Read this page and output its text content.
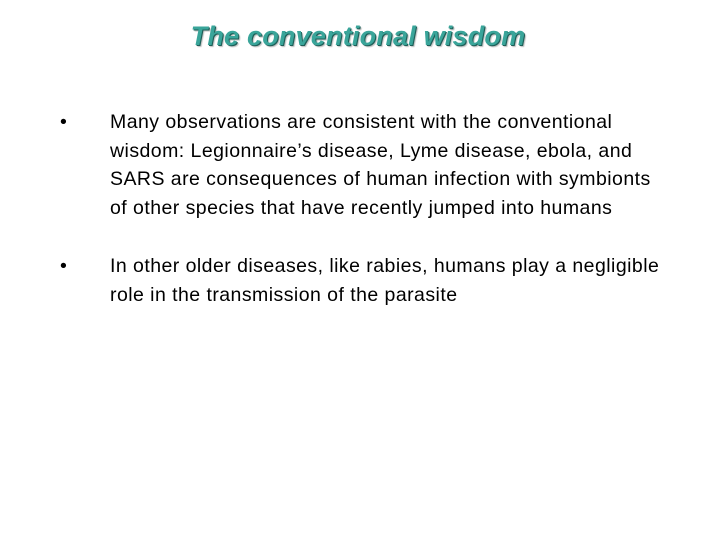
The conventional wisdom
• Many observations are consistent with the conventional wisdom: Legionnaire’s disease, Lyme disease, ebola, and SARS are consequences of human infection with symbionts of other species that have recently jumped into humans
• In other older diseases, like rabies, humans play a negligible role in the transmission of the parasite
